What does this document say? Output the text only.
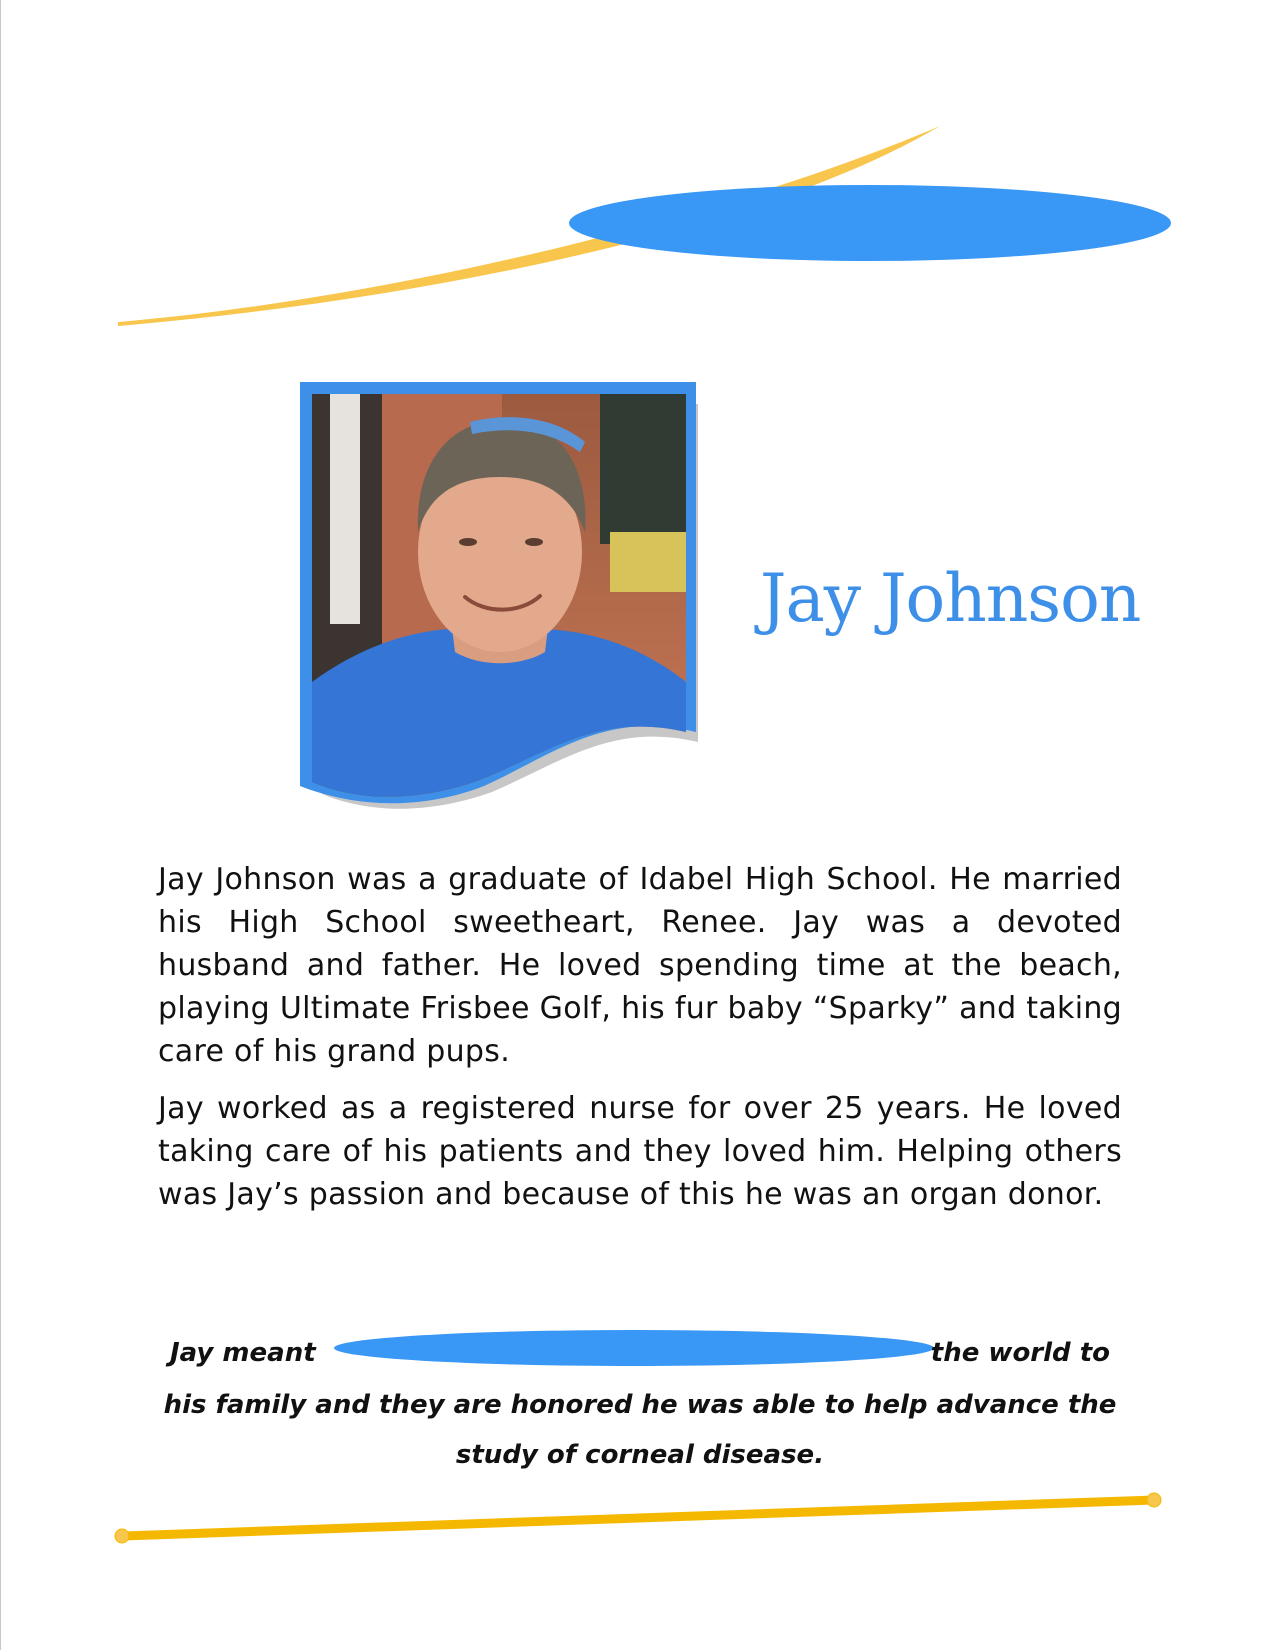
Jay Johnson

Jay Johnson was a graduate of Idabel High School. He married his High School sweetheart, Renee. Jay was a devoted husband and father. He loved spending time at the beach, playing Ultimate Frisbee Golf, his fur baby “Sparky” and taking care of his grand pups.

Jay worked as a registered nurse for over 25 years. He loved taking care of his patients and they loved him. Helping others was Jay’s passion and because of this he was an organ donor.

Jay meant	the world to
his family and they are honored he was able to help advance the study of corneal disease.
